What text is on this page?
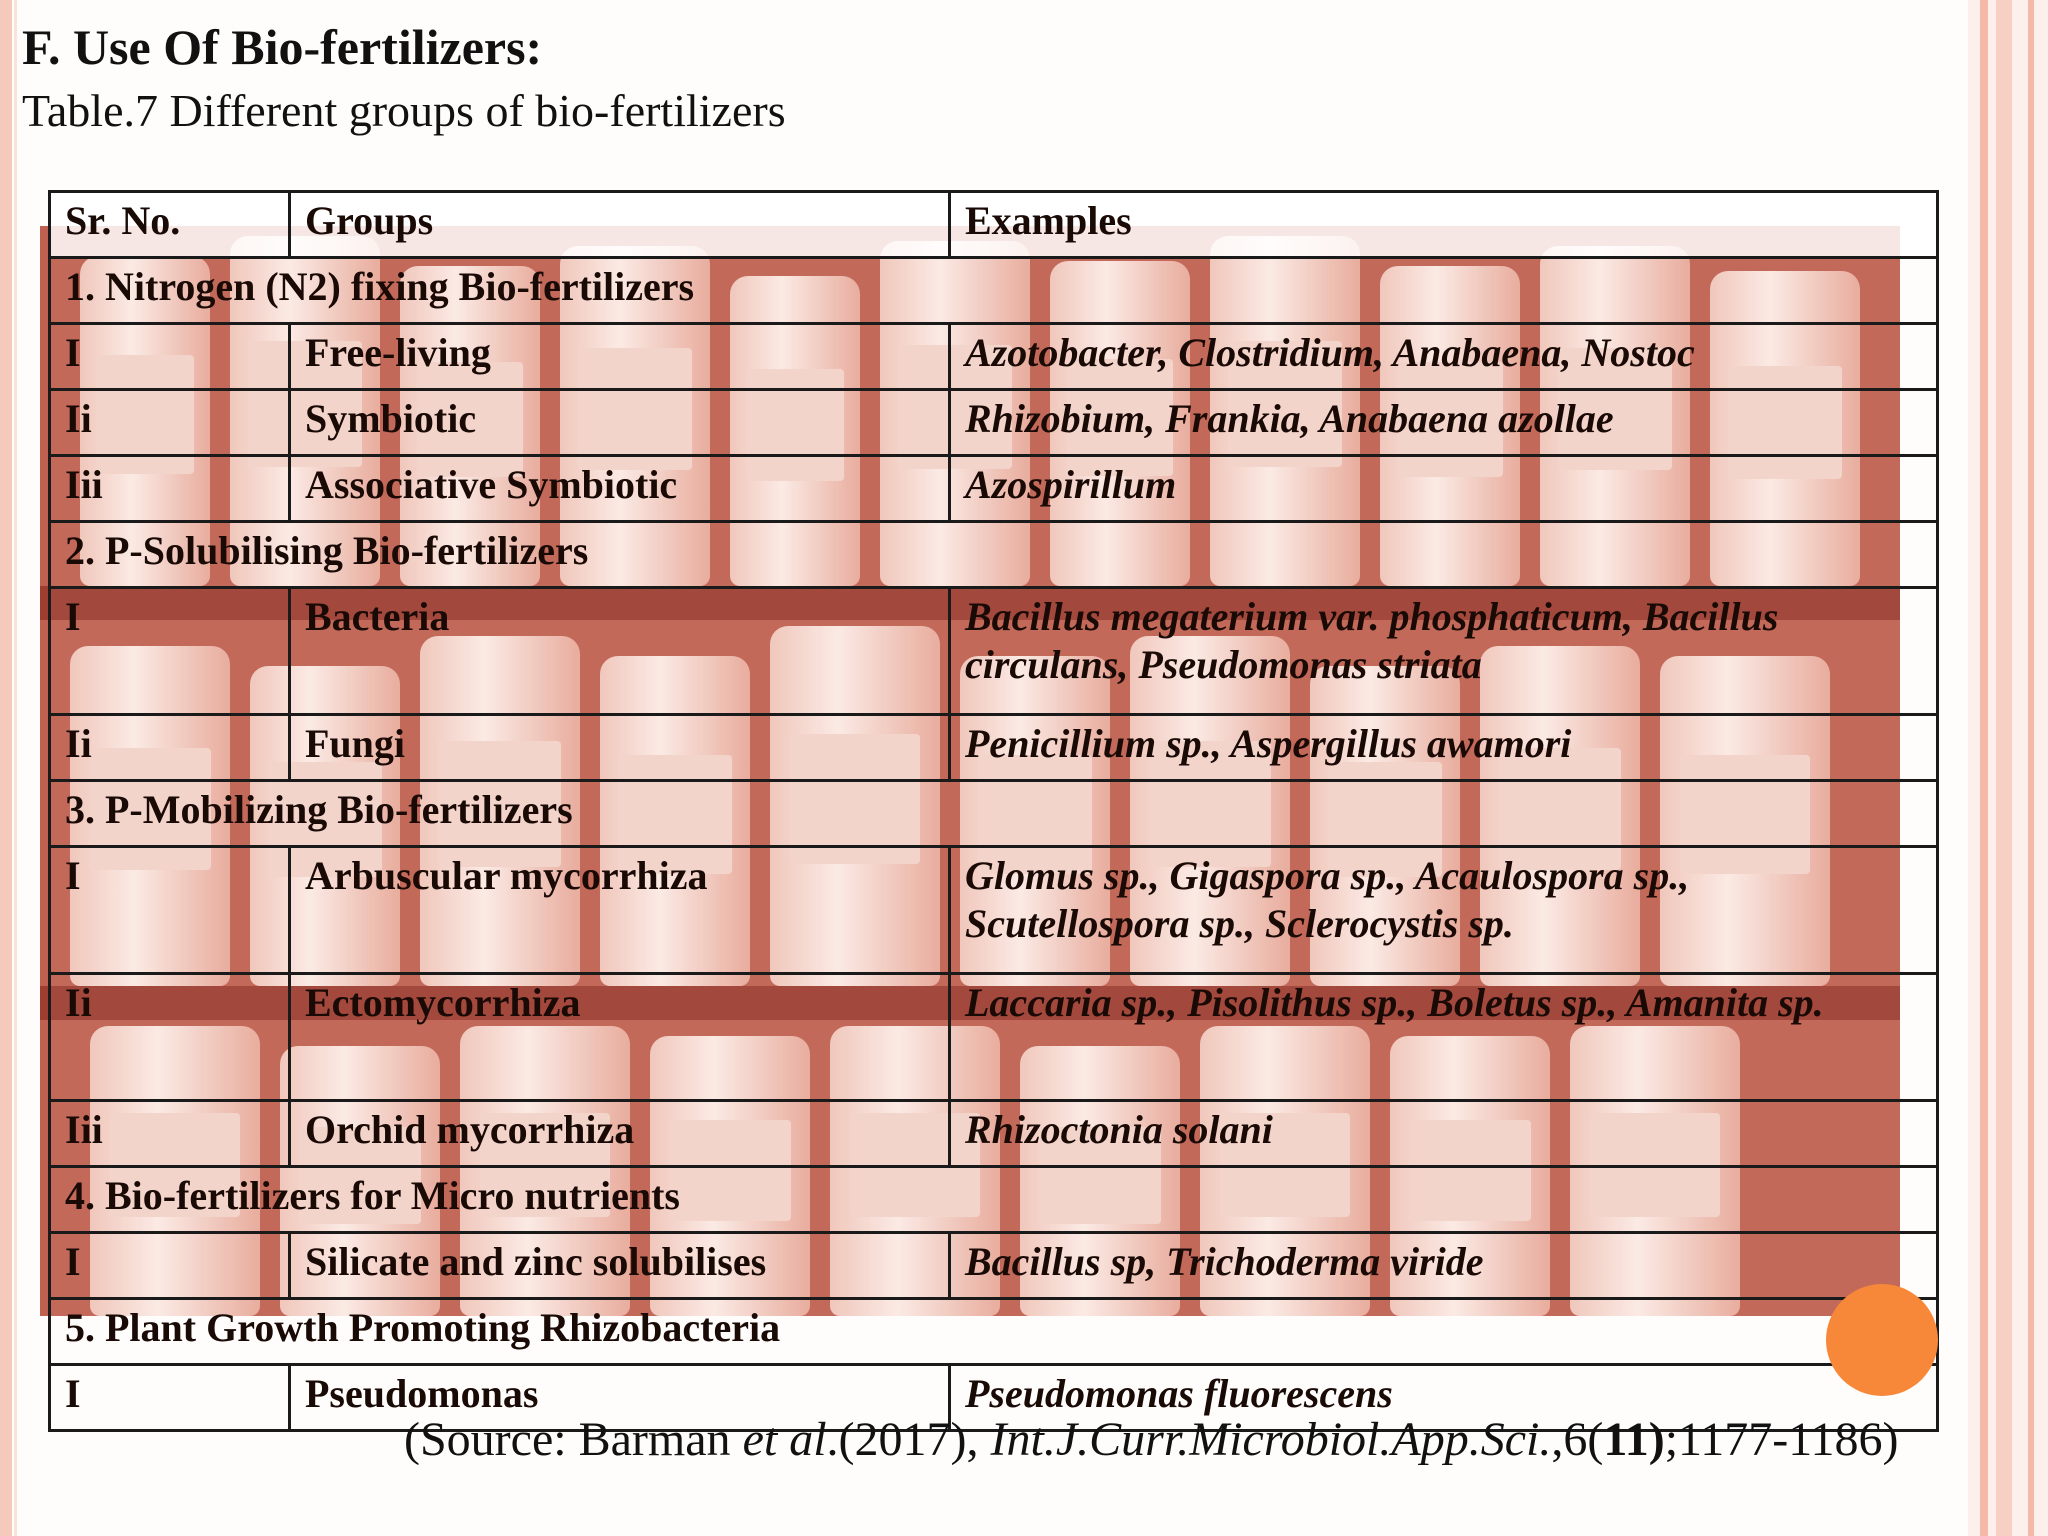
F. Use Of Bio-fertilizers:

Table.7 Different groups of bio-fertilizers

Sr. No.	Groups	Examples
1. Nitrogen (N2) fixing Bio-fertilizers		
I	Free-living	Azotobacter, Clostridium, Anabaena, Nostoc
Ii	Symbiotic	Rhizobium, Frankia, Anabaena azollae
Iii	Associative Symbiotic	Azospirillum
2. P-Solubilising Bio-fertilizers		
I	Bacteria	Bacillus megaterium var. phosphaticum, Bacillus circulans, Pseudomonas striata
Ii	Fungi	Penicillium sp., Aspergillus awamori
3. P-Mobilizing Bio-fertilizers		
I	Arbuscular mycorrhiza	Glomus sp., Gigaspora sp., Acaulospora sp., Scutellospora sp., Sclerocystis sp.
Ii	Ectomycorrhiza	Laccaria sp., Pisolithus sp., Boletus sp., Amanita sp.
Iii	Orchid mycorrhiza	Rhizoctonia solani
4. Bio-fertilizers for Micro nutrients		
I	Silicate and zinc solubilises	Bacillus sp, Trichoderma viride
5. Plant Growth Promoting Rhizobacteria		
I	Pseudomonas	Pseudomonas fluorescens

(Source: Barman et al.(2017), Int.J.Curr.Microbiol.App.Sci.,6(11);1177-1186)
